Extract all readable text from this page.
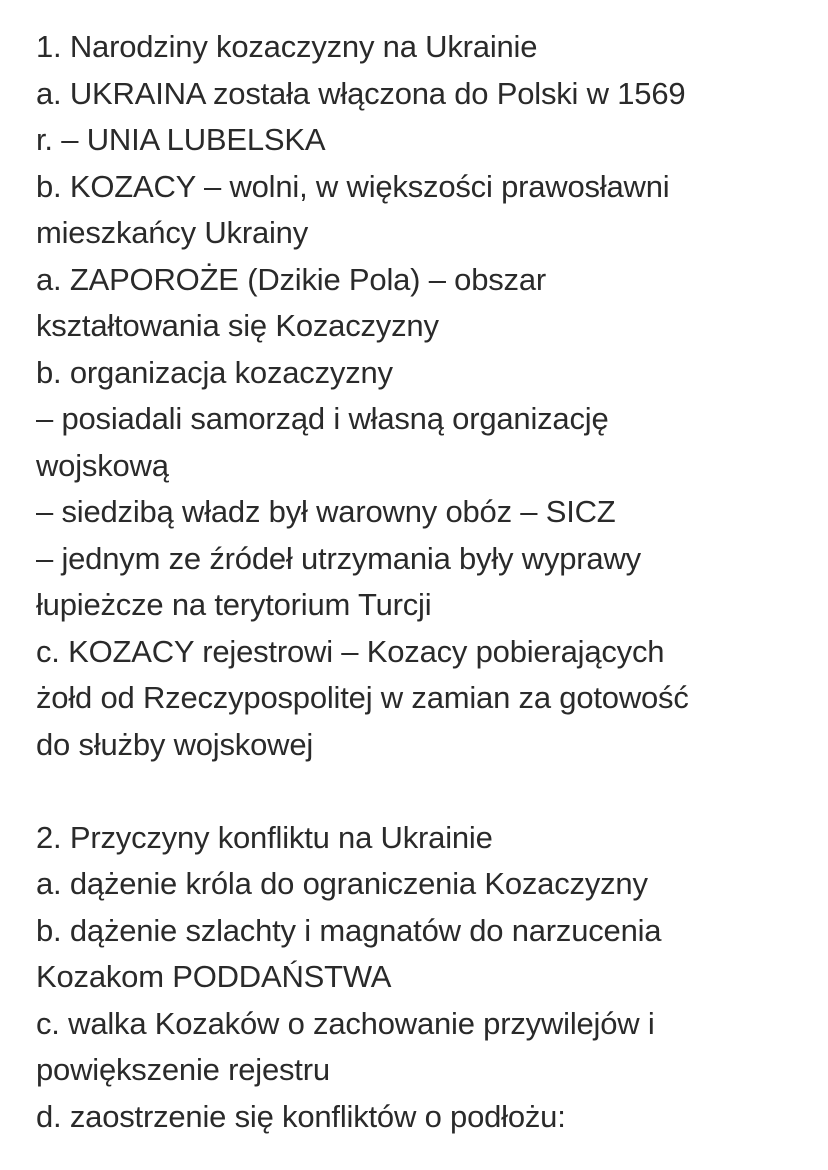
1. Narodziny kozaczyzny na Ukrainie
a. UKRAINA została włączona do Polski w 1569
r. – UNIA LUBELSKA
b. KOZACY – wolni, w większości prawosławni
mieszkańcy Ukrainy
a. ZAPOROŻE (Dzikie Pola) – obszar
kształtowania się Kozaczyzny
b. organizacja kozaczyzny
– posiadali samorząd i własną organizację
wojskową
– siedzibą władz był warowny obóz – SICZ
– jednym ze źródeł utrzymania były wyprawy
łupieżcze na terytorium Turcji
c. KOZACY rejestrowi – Kozacy pobierających
żołd od Rzeczypospolitej w zamian za gotowość
do służby wojskowej
2. Przyczyny konfliktu na Ukrainie
a. dążenie króla do ograniczenia Kozaczyzny
b. dążenie szlachty i magnatów do narzucenia
Kozakom PODDAŃSTWA
c. walka Kozaków o zachowanie przywilejów i
powiększenie rejestru
d. zaostrzenie się konfliktów o podłożu:
